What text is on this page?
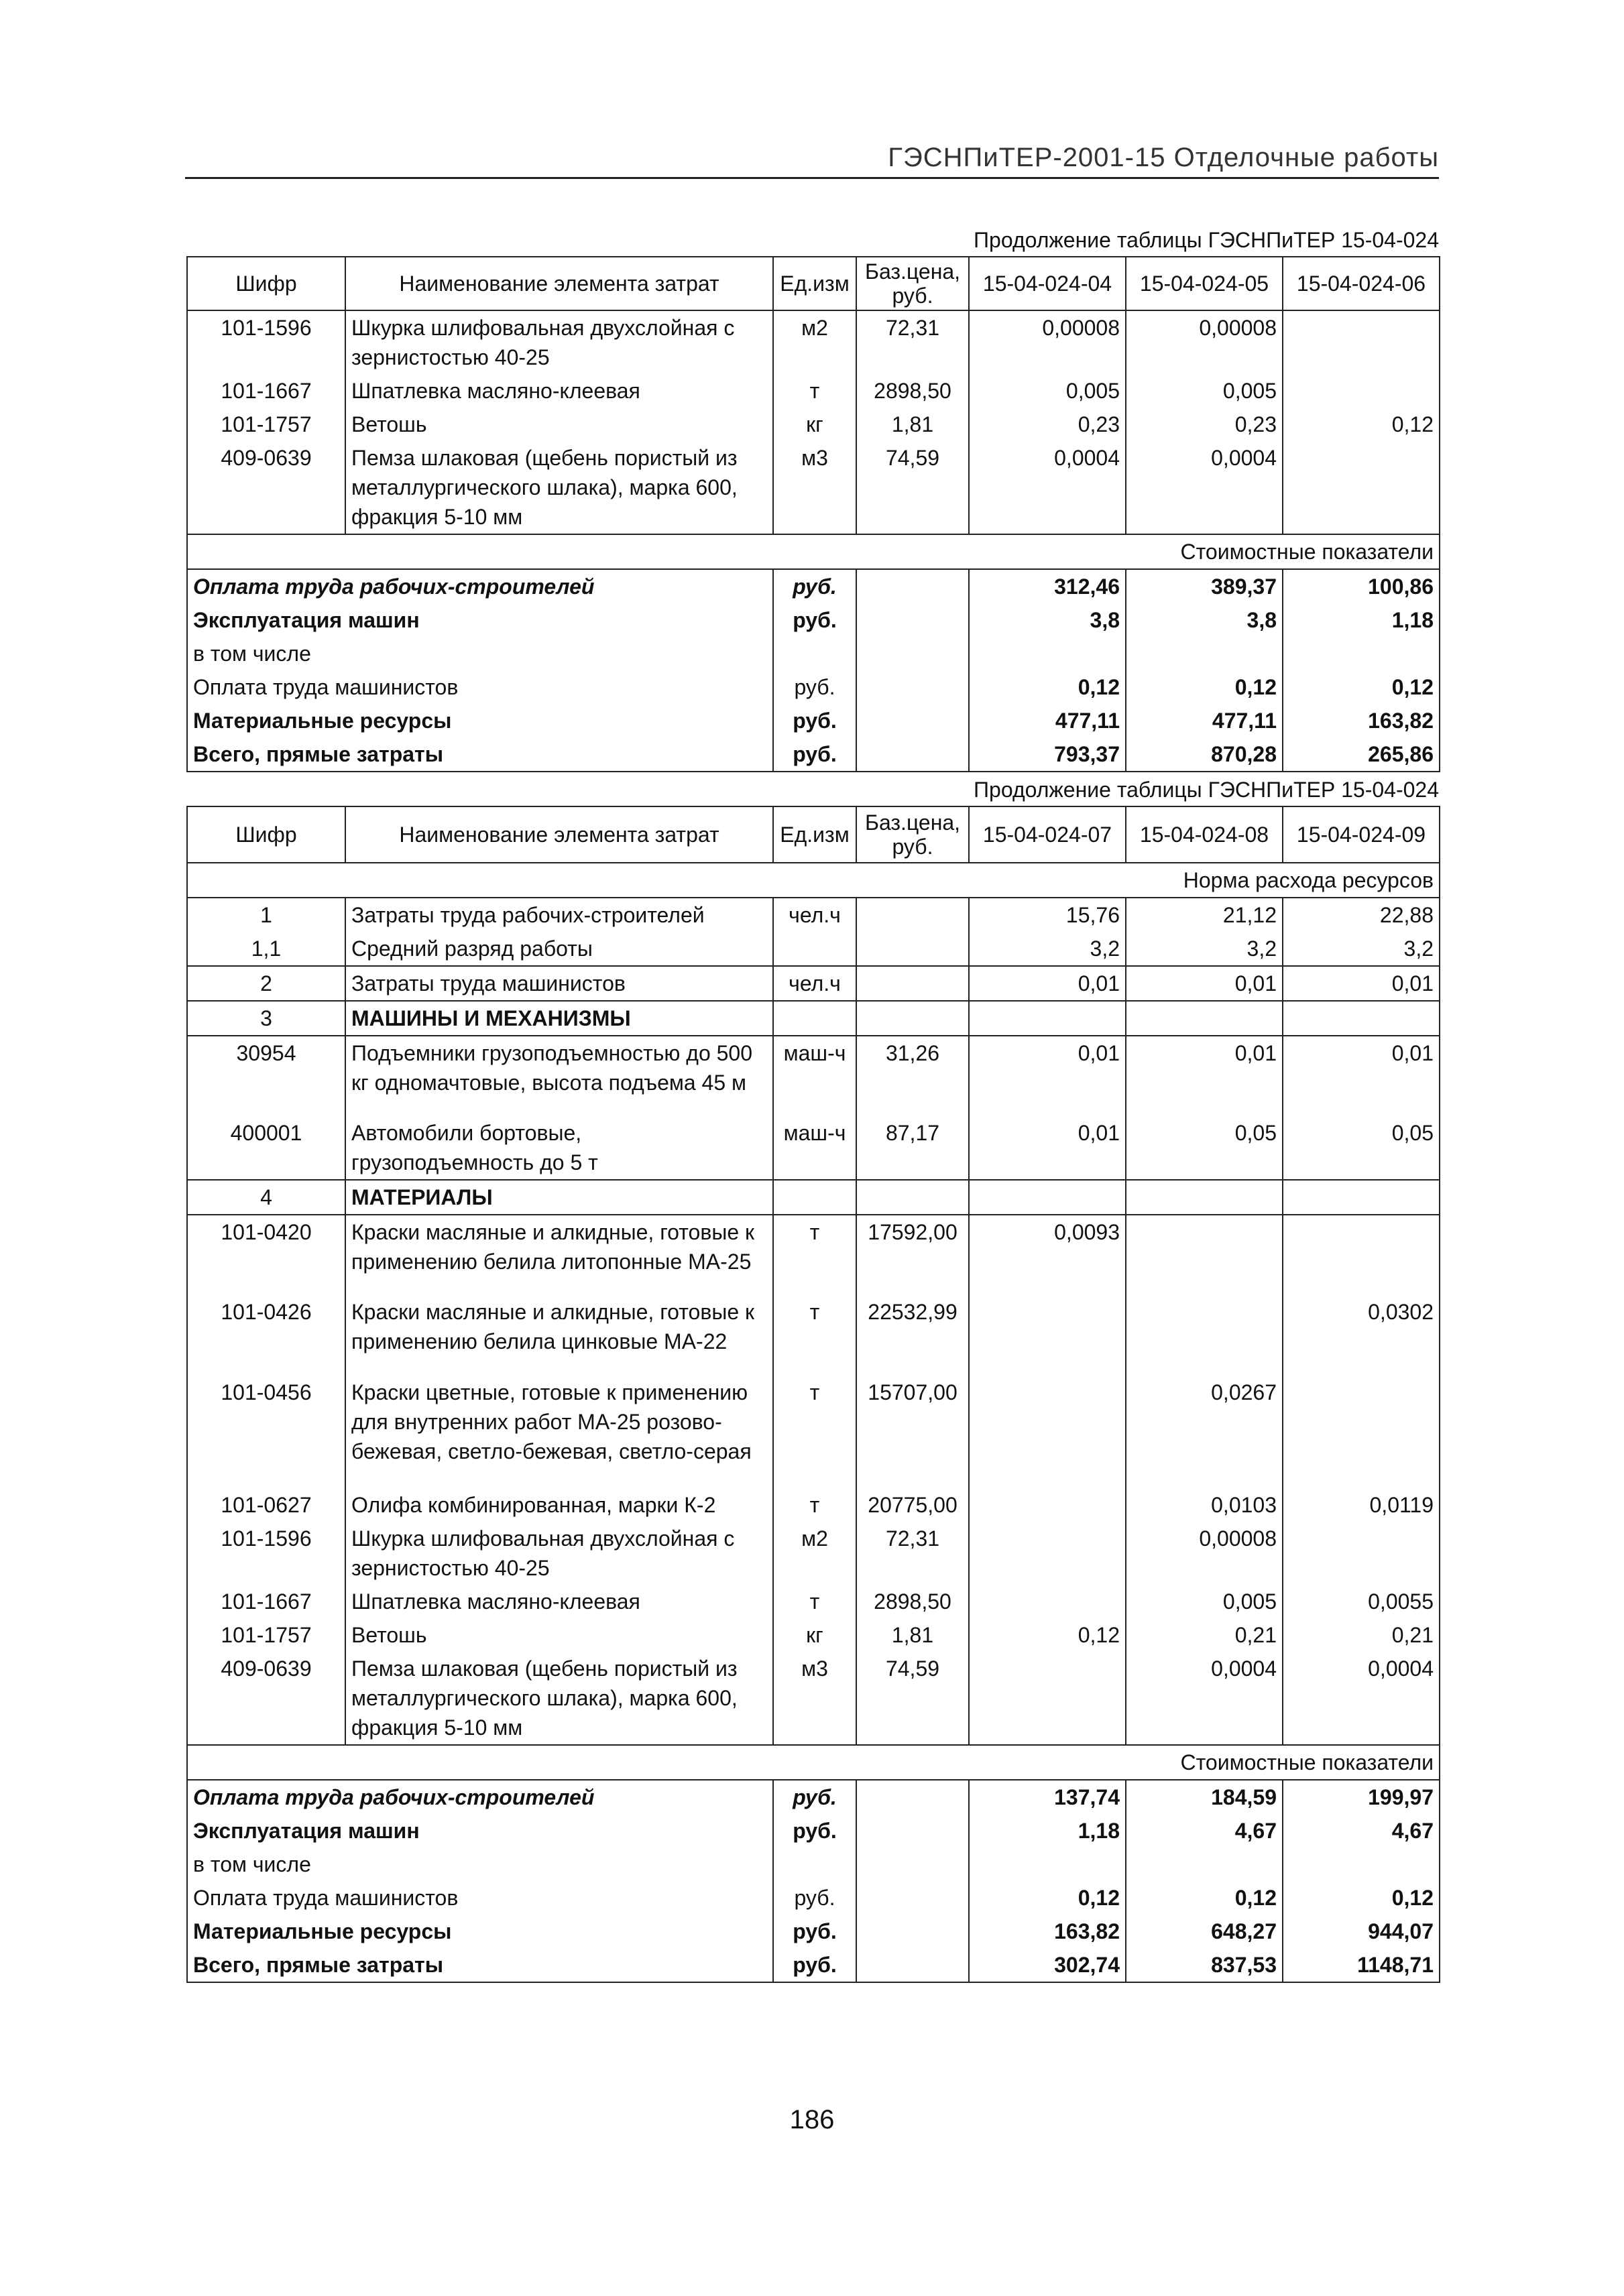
ГЭСНПиТЕР-2001-15 Отделочные работы
Продолжение таблицы ГЭСНПиТЕР 15-04-024
Шифр	Наименование элемента затрат	Ед.изм	Баз.цена, руб.	15-04-024-04	15-04-024-05	15-04-024-06
101-1596	Шкурка шлифовальная двухслойная с зернистостью 40-25	м2	72,31	0,00008	0,00008	
101-1667	Шпатлевка масляно-клеевая	т	2898,50	0,005	0,005	
101-1757	Ветошь	кг	1,81	0,23	0,23	0,12
409-0639	Пемза шлаковая (щебень пористый из металлургического шлака), марка 600, фракция 5-10 мм	м3	74,59	0,0004	0,0004	
Стоимостные показатели						
Оплата труда рабочих-строителей		руб.		312,46	389,37	100,86
Эксплуатация машин		руб.		3,8	3,8	1,18
в том числе						
Оплата труда машинистов		руб.		0,12	0,12	0,12
Материальные ресурсы		руб.		477,11	477,11	163,82
Всего, прямые затраты		руб.		793,37	870,28	265,86
Продолжение таблицы ГЭСНПиТЕР 15-04-024
Шифр	Наименование элемента затрат	Ед.изм	Баз.цена, руб.	15-04-024-07	15-04-024-08	15-04-024-09
Норма расхода ресурсов						
1	Затраты труда рабочих-строителей	чел.ч		15,76	21,12	22,88
1,1	Средний разряд работы			3,2	3,2	3,2
2	Затраты труда машинистов	чел.ч		0,01	0,01	0,01
3	МАШИНЫ И МЕХАНИЗМЫ					
30954	Подъемники грузоподъемностью до 500 кг одномачтовые, высота подъема 45 м	маш-ч	31,26	0,01	0,01	0,01
400001	Автомобили бортовые, грузоподъемность до 5 т	маш-ч	87,17	0,01	0,05	0,05
4	МАТЕРИАЛЫ					
101-0420	Краски масляные и алкидные, готовые к применению белила литопонные МА-25	т	17592,00	0,0093		
101-0426	Краски масляные и алкидные, готовые к применению белила цинковые МА-22	т	22532,99			0,0302
101-0456	Краски цветные, готовые к применению для внутренних работ МА-25 розово-бежевая, светло-бежевая, светло-серая	т	15707,00		0,0267	
101-0627	Олифа комбинированная, марки К-2	т	20775,00		0,0103	0,0119
101-1596	Шкурка шлифовальная двухслойная с зернистостью 40-25	м2	72,31		0,00008	
101-1667	Шпатлевка масляно-клеевая	т	2898,50		0,005	0,0055
101-1757	Ветошь	кг	1,81	0,12	0,21	0,21
409-0639	Пемза шлаковая (щебень пористый из металлургического шлака), марка 600, фракция 5-10 мм	м3	74,59		0,0004	0,0004
Стоимостные показатели						
Оплата труда рабочих-строителей		руб.		137,74	184,59	199,97
Эксплуатация машин		руб.		1,18	4,67	4,67
в том числе						
Оплата труда машинистов		руб.		0,12	0,12	0,12
Материальные ресурсы		руб.		163,82	648,27	944,07
Всего, прямые затраты		руб.		302,74	837,53	1148,71
186
